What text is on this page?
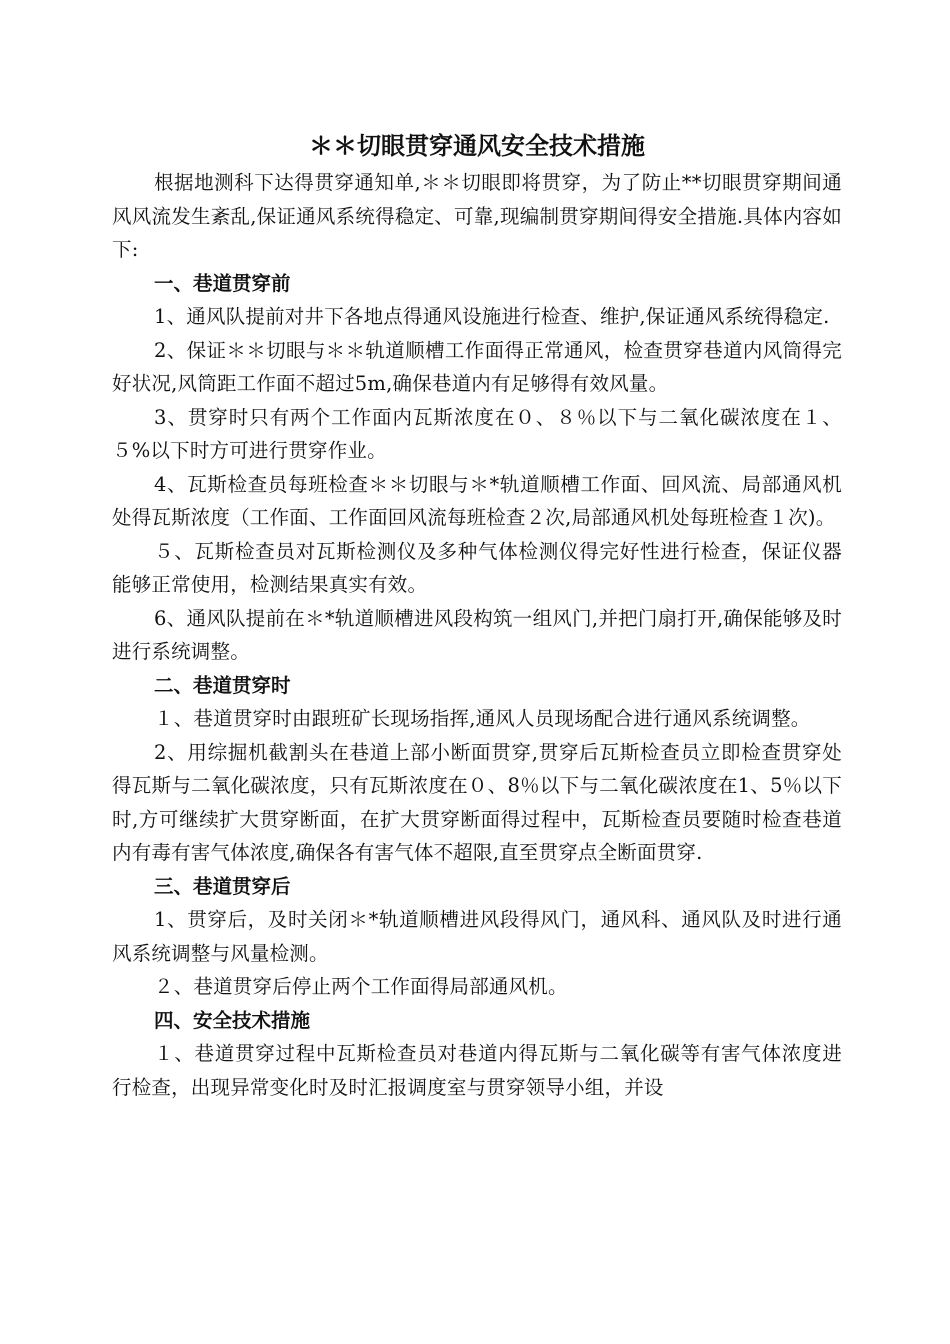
＊＊切眼贯穿通风安全技术措施

根据地测科下达得贯穿通知单,＊＊切眼即将贯穿，为了防止**切眼贯穿期间通风风流发生紊乱,保证通风系统得稳定、可靠,现编制贯穿期间得安全措施.具体内容如下:

一、巷道贯穿前

1、通风队提前对井下各地点得通风设施进行检查、维护,保证通风系统得稳定.

2、保证＊＊切眼与＊＊轨道顺槽工作面得正常通风，检查贯穿巷道内风筒得完好状况,风筒距工作面不超过5m,确保巷道内有足够得有效风量。

3、贯穿时只有两个工作面内瓦斯浓度在０、８％以下与二氧化碳浓度在１、５%以下时方可进行贯穿作业。

4、瓦斯检查员每班检查＊＊切眼与＊*轨道顺槽工作面、回风流、局部通风机处得瓦斯浓度（工作面、工作面回风流每班检查２次,局部通风机处每班检查１次)。

５、瓦斯检查员对瓦斯检测仪及多种气体检测仪得完好性进行检查，保证仪器能够正常使用，检测结果真实有效。

6、通风队提前在＊*轨道顺槽进风段构筑一组风门,并把门扇打开,确保能够及时进行系统调整。

二、巷道贯穿时

１、巷道贯穿时由跟班矿长现场指挥,通风人员现场配合进行通风系统调整。

2、用综掘机截割头在巷道上部小断面贯穿,贯穿后瓦斯检查员立即检查贯穿处得瓦斯与二氧化碳浓度，只有瓦斯浓度在０、8％以下与二氧化碳浓度在1、5％以下时,方可继续扩大贯穿断面，在扩大贯穿断面得过程中，瓦斯检查员要随时检查巷道内有毒有害气体浓度,确保各有害气体不超限,直至贯穿点全断面贯穿.

三、巷道贯穿后

1、贯穿后，及时关闭＊*轨道顺槽进风段得风门，通风科、通风队及时进行通风系统调整与风量检测。

２、巷道贯穿后停止两个工作面得局部通风机。

四、安全技术措施

１、巷道贯穿过程中瓦斯检查员对巷道内得瓦斯与二氧化碳等有害气体浓度进行检查，出现异常变化时及时汇报调度室与贯穿领导小组，并设
